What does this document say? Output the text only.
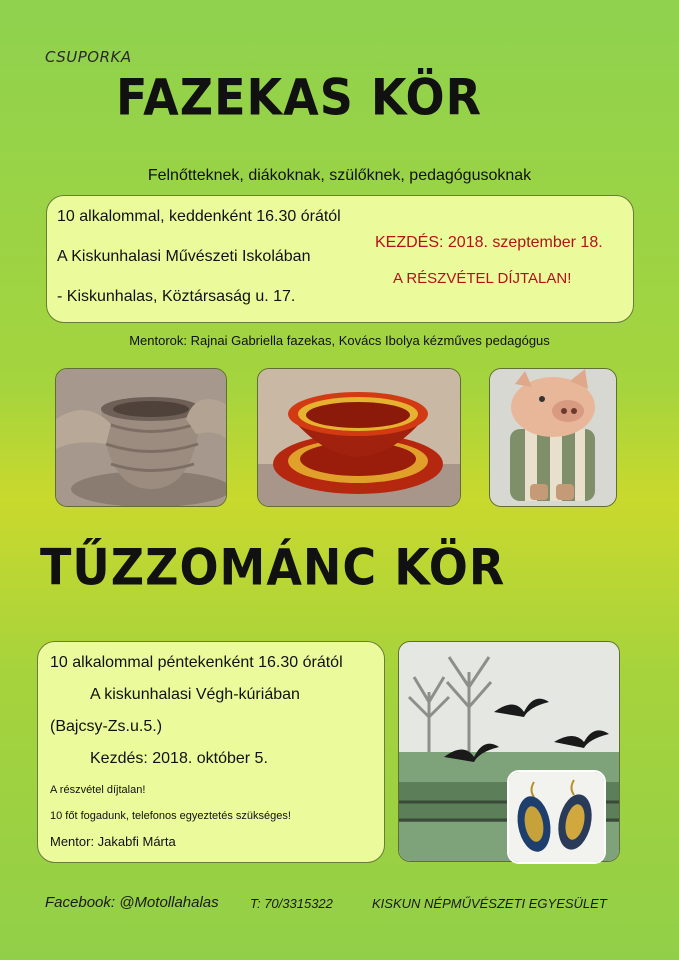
CSUPORKA
FAZEKAS KÖR
Felnőtteknek, diákoknak, szülőknek, pedagógusoknak
10 alkalommal, keddenként 16.30 órától
A Kiskunhalasi Művészeti Iskolában
- Kiskunhalas, Köztársaság u. 17.
KEZDÉS: 2018. szeptember 18.
A RÉSZVÉTEL DÍJTALAN!
Mentorok: Rajnai Gabriella fazekas, Kovács Ibolya kézműves pedagógus
TŰZZOMÁNC KÖR
10 alkalommal péntekenként 16.30 órától
A kiskunhalasi Végh-kúriában
(Bajcsy-Zs.u.5.)
Kezdés: 2018. október 5.
A részvétel díjtalan!
10 főt fogadunk, telefonos egyeztetés szükséges!
Mentor: Jakabfi Márta
Facebook: @Motollahalas T: 70/3315322	KISKUN NÉPMŰVÉSZETI EGYESÜLET
